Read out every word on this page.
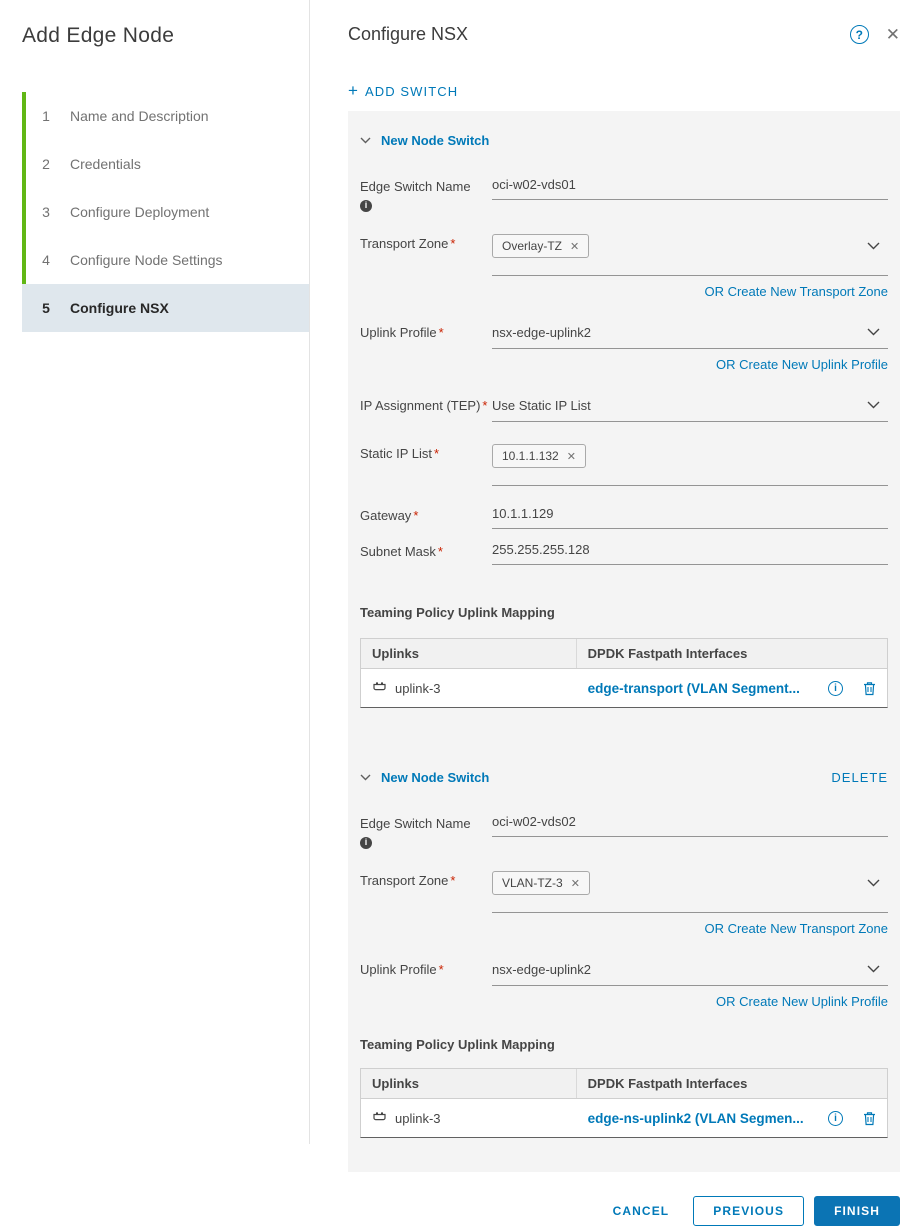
Add Edge Node
1 Name and Description
2 Credentials
3 Configure Deployment
4 Configure Node Settings
5 Configure NSX
Configure NSX	?	✕
+ ADD SWITCH
New Node Switch
Edge Switch Name
i
oci-w02-vds01
Transport Zone *	Overlay-TZ ✕
OR Create New Transport Zone
Uplink Profile *	nsx-edge-uplink2
OR Create New Uplink Profile
IP Assignment (TEP) * Use Static IP List
Static IP List *	10.1.1.132 ✕
Gateway *	10.1.1.129
Subnet Mask *	255.255.255.128
Teaming Policy Uplink Mapping
Uplinks	DPDK Fastpath Interfaces
uplink-3	edge-transport (VLAN Segment...	i
New Node Switch	DELETE
Edge Switch Name
i
oci-w02-vds02
Transport Zone *	VLAN-TZ-3 ✕
OR Create New Transport Zone
Uplink Profile *	nsx-edge-uplink2
OR Create New Uplink Profile
Teaming Policy Uplink Mapping
Uplinks	DPDK Fastpath Interfaces
uplink-3	edge-ns-uplink2 (VLAN Segmen...	i
CANCEL	PREVIOUS	FINISH
